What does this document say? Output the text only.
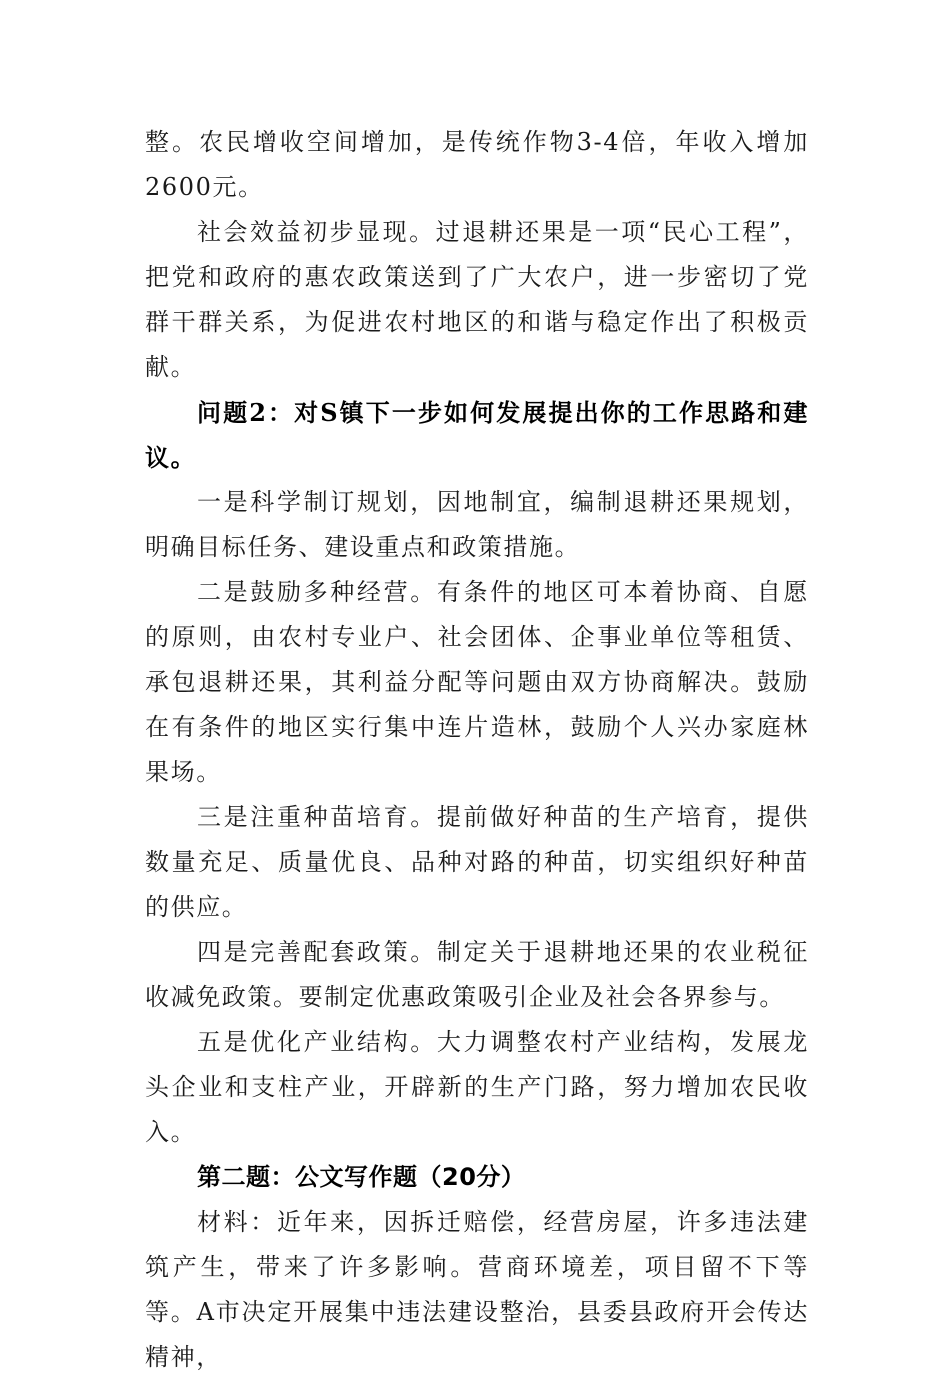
整。农民增收空间增加，是传统作物3-4倍，年收入增加2600元。

社会效益初步显现。过退耕还果是一项“民心工程”，把党和政府的惠农政策送到了广大农户，进一步密切了党群干群关系，为促进农村地区的和谐与稳定作出了积极贡献。

问题2：对S镇下一步如何发展提出你的工作思路和建议。

一是科学制订规划，因地制宜，编制退耕还果规划，明确目标任务、建设重点和政策措施。

二是鼓励多种经营。有条件的地区可本着协商、自愿的原则，由农村专业户、社会团体、企事业单位等租赁、承包退耕还果，其利益分配等问题由双方协商解决。鼓励在有条件的地区实行集中连片造林，鼓励个人兴办家庭林果场。

三是注重种苗培育。提前做好种苗的生产培育，提供数量充足、质量优良、品种对路的种苗，切实组织好种苗的供应。

四是完善配套政策。制定关于退耕地还果的农业税征收减免政策。要制定优惠政策吸引企业及社会各界参与。

五是优化产业结构。大力调整农村产业结构，发展龙头企业和支柱产业，开辟新的生产门路，努力增加农民收入。

第二题：公文写作题（20分）

材料：近年来，因拆迁赔偿，经营房屋，许多违法建筑产生，带来了许多影响。营商环境差，项目留不下等等。A市决定开展集中违法建设整治，县委县政府开会传达精神，
